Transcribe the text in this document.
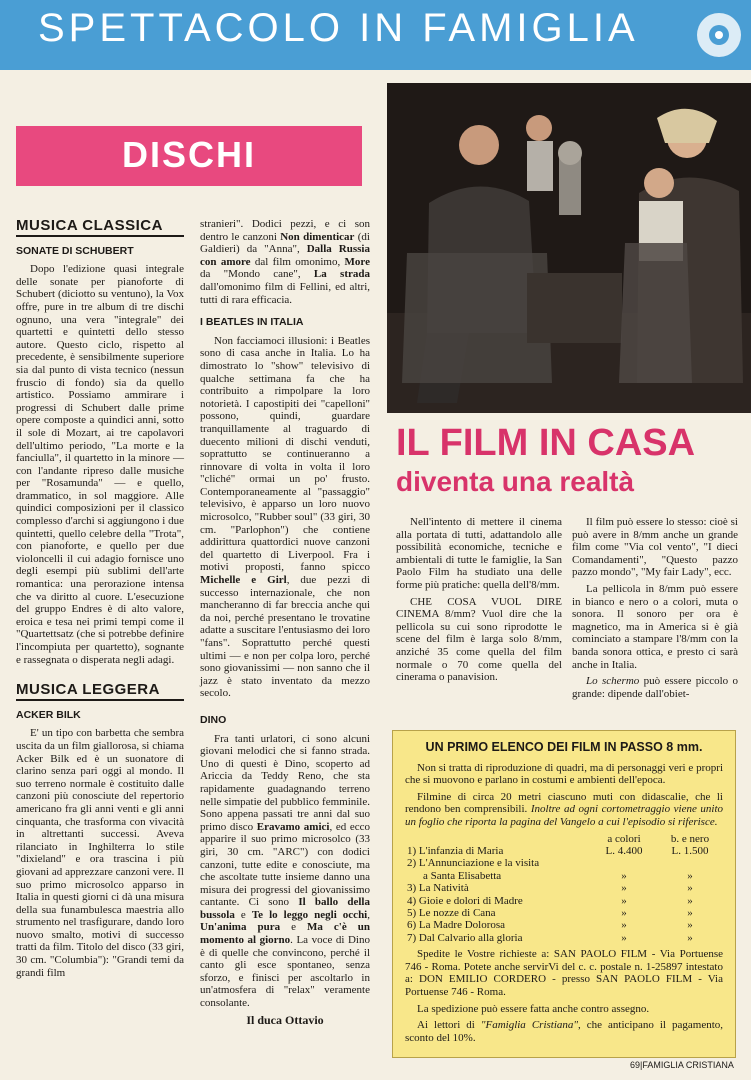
SPETTACOLO IN FAMIGLIA
DISCHI
MUSICA CLASSICA
SONATE DI SCHUBERT

Dopo l'edizione quasi integrale delle sonate per pianoforte di Schubert (diciotto su ventuno), la Vox offre, pure in tre album di tre dischi ognuno, una vera "integrale" dei quartetti e quintetti dello stesso autore. Questo ciclo, rispetto al precedente, è sensibilmente superiore sia dal punto di vista tecnico (nessun fruscio di fondo) sia da quello artistico. Possiamo ammirare i progressi di Schubert dalle prime opere composte a quindici anni, sotto il sole di Mozart, ai tre capolavori dell'ultimo periodo, "La morte e la fanciulla", il quartetto in la minore — con l'andante ripreso dalle musiche per "Rosamunda" — e quello, drammatico, in sol maggiore. Alle quindici composizioni per il classico complesso d'archi si aggiungono i due quintetti, quello celebre della "Trota", con pianoforte, e quello per due violoncelli il cui adagio fornisce uno degli esempi più sublimi dell'arte romantica: una perorazione intensa che va diritto al cuore. L'esecuzione del gruppo Endres è di alto valore, eroica e tesa nei primi tempi come il "Quartettsatz (che si potrebbe definire l'incompiuta per quartetto), sognante e rassegnata o disperata negli adagi.

MUSICA LEGGERA
ACKER BILK

E' un tipo con barbetta che sembra uscita da un film giallorosa, si chiama Acker Bilk ed è un suonatore di clarino senza pari oggi al mondo. Il suo terreno normale è costituito dalle canzoni più conosciute del repertorio americano fra gli anni venti e gli anni cinquanta, che trasforma con vivacità in altrettanti successi. Aveva rilanciato in Inghilterra lo stile "dixieland" e ora trascina i più giovani ad apprezzare canzoni vere. Il suo primo microsolco apparso in Italia in questi giorni ci dà una misura della sua funambulesca maestria allo strumento nel trasfigurare, dando loro nuovo smalto, motivi di successo tratti da film. Titolo del disco (33 giri, 30 cm. "Columbia"): "Grandi temi da grandi film

stranieri". Dodici pezzi, e ci son dentro le canzoni Non dimenticar (di Galdieri) da "Anna", Dalla Russia con amore dal film omonimo, More da "Mondo cane", La strada dall'omonimo film di Fellini, ed altri, tutti di rara efficacia.

I BEATLES IN ITALIA

Non facciamoci illusioni: i Beatles sono di casa anche in Italia. Lo ha dimostrato lo "show" televisivo di qualche settimana fa che ha contribuito a rimpolpare la loro notorietà. I capostipiti dei "capelloni" possono, quindi, guardare tranquillamente al traguardo di duecento milioni di dischi venduti, soprattutto se continueranno a rinnovare di volta in volta il loro "cliché" ormai un po' frusto. Contemporaneamente al "passaggio" televisivo, è apparso un loro nuovo microsolco, "Rubber soul" (33 giri, 30 cm. "Parlophon") che contiene addirittura quattordici nuove canzoni del quartetto di Liverpool. Fra i motivi proposti, fanno spicco Michelle e Girl, due pezzi di successo internazionale, che non mancheranno di far breccia anche qui da noi, perché presentano le trovatine adatte a suscitare l'entusiasmo dei loro "fans". Soprattutto perché questi ultimi — e non per colpa loro, perché sono giovanissimi — non sanno che il jazz è stato inventato da mezzo secolo.

DINO

Fra tanti urlatori, ci sono alcuni giovani melodici che si fanno strada. Uno di questi è Dino, scoperto ad Ariccia da Teddy Reno, che sta rapidamente guadagnando terreno nelle simpatie del pubblico femminile. Sono appena passati tre anni dal suo primo disco Eravamo amici, ed ecco apparire il suo primo microsolco (33 giri, 30 cm. "ARC") con dodici canzoni, tutte edite e conosciute, ma che ascoltate tutte insieme danno una misura dei progressi del giovanissimo cantante. Ci sono Il ballo della bussola e Te lo leggo negli occhi, Un'anima pura e Ma c'è un momento al giorno. La voce di Dino è di quelle che convincono, perché il canto gli esce spontaneo, senza sforzo, e finisci per ascoltarlo in un'atmosfera di "relax" veramente consolante.

Il duca Ottavio
IL FILM IN CASA
diventa una realtà

Nell'intento di mettere il cinema alla portata di tutti, adattandolo alle possibilità economiche, tecniche e ambientali di tutte le famiglie, la San Paolo Film ha studiato una delle forme più pratiche: quella dell'8/mm.

CHE COSA VUOL DIRE CINEMA 8/mm? Vuol dire che la pellicola su cui sono riprodotte le scene del film è larga solo 8/mm, anziché 35 come quella del film normale o 70 come quella del cinerama o panavision.

Il film può essere lo stesso: cioè si può avere in 8/mm anche un grande film come "Via col vento", "I dieci Comandamenti", "Questo pazzo pazzo mondo", "My fair Lady", ecc.

La pellicola in 8/mm può essere in bianco e nero o a colori, muta o sonora. Il sonoro per ora è magnetico, ma in America si è già cominciato a stampare l'8/mm con la banda sonora ottica, e presto ci sarà anche in Italia.

Lo schermo può essere piccolo o grande: dipende dall'obiet-

UN PRIMO ELENCO DEI FILM IN PASSO 8 mm.

Non si tratta di riproduzione di quadri, ma di personaggi veri e propri che si muovono e parlano in costumi e ambienti dell'epoca.

Filmine di circa 20 metri ciascuno muti con didascalie, che li rendono ben comprensibili. Inoltre ad ogni cortometraggio viene unito un foglio che riporta la pagina del Vangelo a cui l'episodio si riferisce.

	a colori	b. e nero
1) L'infanzia di Maria	L. 4.400	L. 1.500
2) L'Annunciazione e la visita		
a Santa Elisabetta	»	»
3) La Natività	»	»
4) Gioie e dolori di Madre	»	»
5) Le nozze di Cana	»	»
6) La Madre Dolorosa	»	»
7) Dal Calvario alla gloria	»	»

Spedite le Vostre richieste a: SAN PAOLO FILM - Via Portuense 746 - Roma. Potete anche servirVi del c. c. postale n. 1-25897 intestato a: DON EMILIO CORDERO - presso SAN PAOLO FILM - Via Portuense 746 - Roma.

La spedizione può essere fatta anche contro assegno.

Ai lettori di "Famiglia Cristiana", che anticipano il pagamento, sconto del 10%.

69|FAMIGLIA CRISTIANA
